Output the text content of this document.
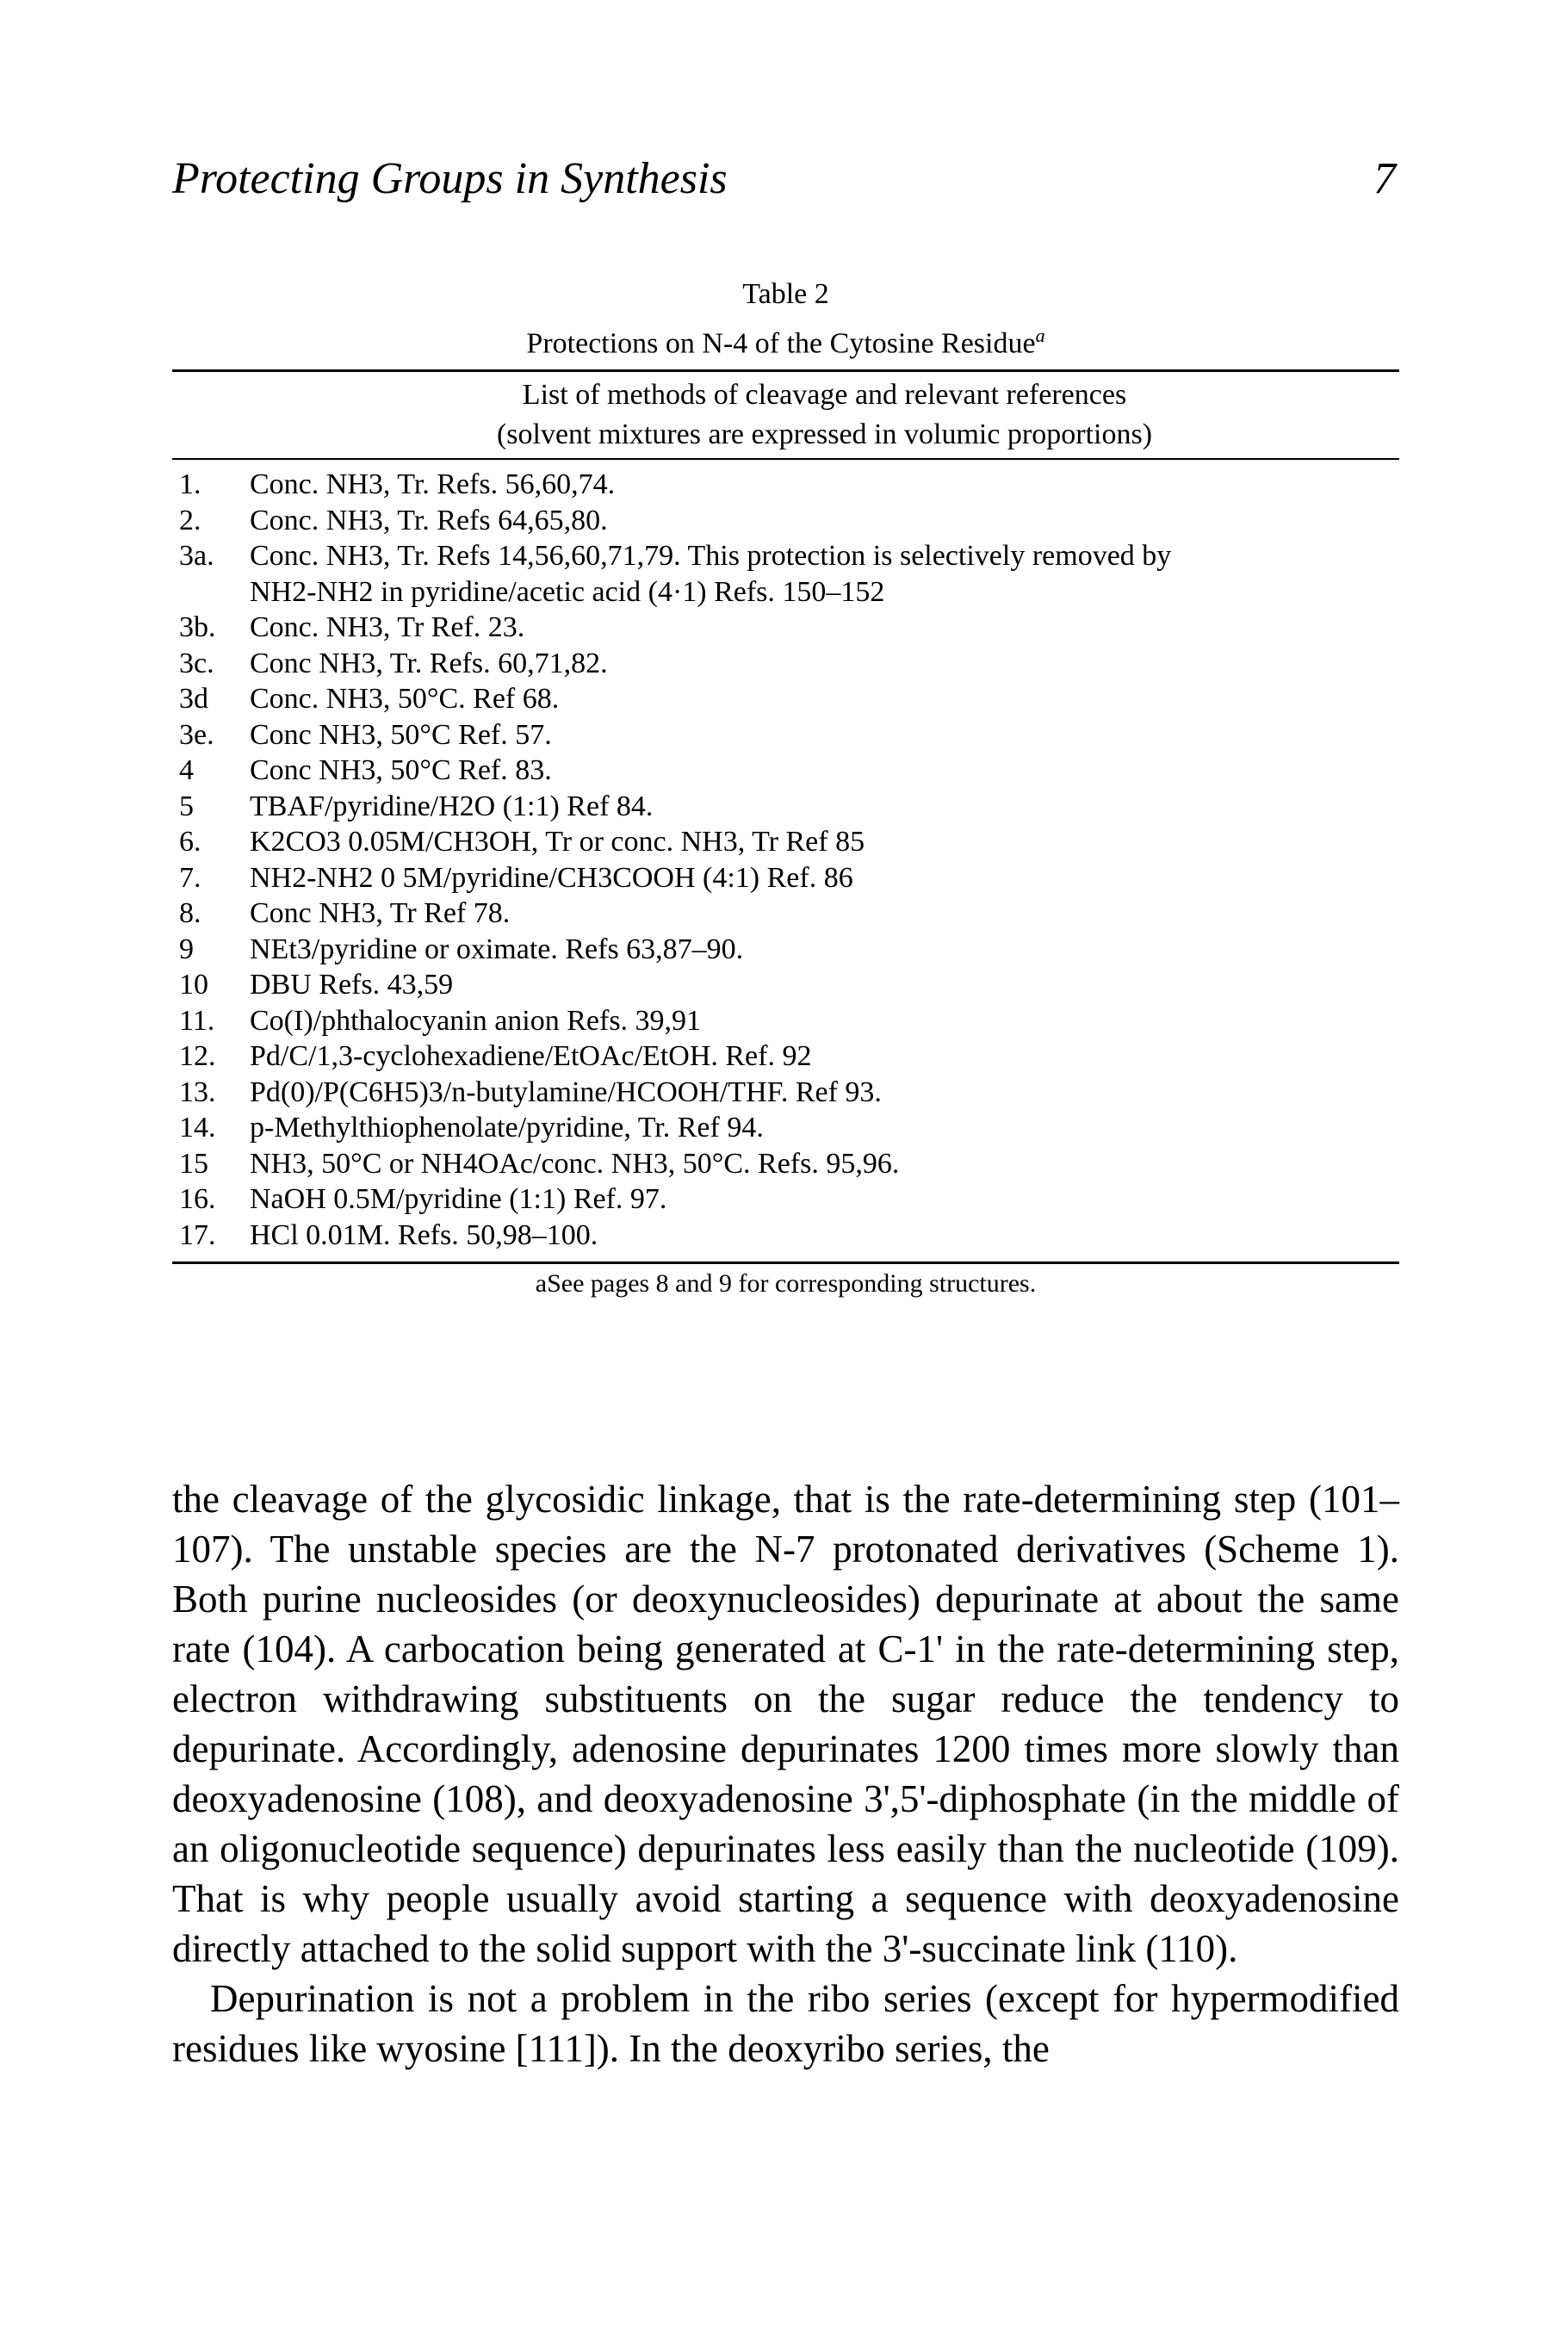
Protecting Groups in Synthesis	7
Table 2
Protections on N-4 of the Cytosine Residue$^a$
List of methods of cleavage and relevant references
(solvent mixtures are expressed in volumic proportions)
1.	Conc. NH3, Tr. Refs. 56,60,74.
2.	Conc. NH3, Tr. Refs 64,65,80.
3a.	Conc. NH3, Tr. Refs 14,56,60,71,79. This protection is selectively removed by
NH2-NH2 in pyridine/acetic acid (4·1) Refs. 150–152
3b.	Conc. NH3, Tr Ref. 23.
3c.	Conc NH3, Tr. Refs. 60,71,82.
3d	Conc. NH3, 50°C. Ref 68.
3e.	Conc NH3, 50°C Ref. 57.
4	Conc NH3, 50°C Ref. 83.
5	TBAF/pyridine/H2O (1:1) Ref 84.
6.	K2CO3 0.05M/CH3OH, Tr or conc. NH3, Tr Ref 85
7.	NH2-NH2 0 5M/pyridine/CH3COOH (4:1) Ref. 86
8.	Conc NH3, Tr Ref 78.
9	NEt3/pyridine or oximate. Refs 63,87–90.
10	DBU Refs. 43,59
11.	Co(I)/phthalocyanin anion Refs. 39,91
12.	Pd/C/1,3-cyclohexadiene/EtOAc/EtOH. Ref. 92
13.	Pd(0)/P(C6H5)3/n-butylamine/HCOOH/THF. Ref 93.
14.	p-Methylthiophenolate/pyridine, Tr. Ref 94.
15	NH3, 50°C or NH4OAc/conc. NH3, 50°C. Refs. 95,96.
16.	NaOH 0.5M/pyridine (1:1) Ref. 97.
17.	HCl 0.01M. Refs. 50,98–100.
aSee pages 8 and 9 for corresponding structures.

the cleavage of the glycosidic linkage, that is the rate-determining step (101–107). The unstable species are the N-7 protonated derivatives (Scheme 1). Both purine nucleosides (or deoxynucleosides) depurinate at about the same rate (104). A carbocation being generated at C-1' in the rate-determining step, electron withdrawing substituents on the sugar reduce the tendency to depurinate. Accordingly, adenosine depurinates 1200 times more slowly than deoxyadenosine (108), and deoxyadenosine 3',5'-diphosphate (in the middle of an oligonucleotide sequence) depurinates less easily than the nucleotide (109). That is why people usually avoid starting a sequence with deoxyadenosine directly attached to the solid support with the 3'-succinate link (110).

Depurination is not a problem in the ribo series (except for hypermodified residues like wyosine [111]). In the deoxyribo series, the
